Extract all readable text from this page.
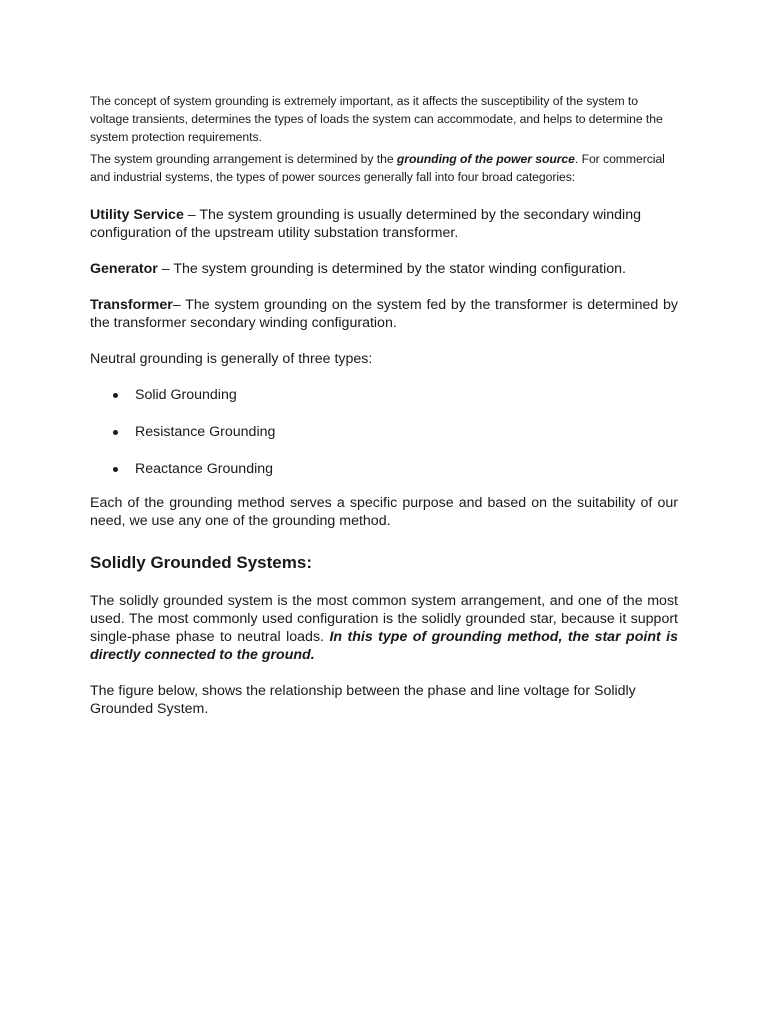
The concept of system grounding is extremely important, as it affects the susceptibility of the system to voltage transients, determines the types of loads the system can accommodate, and helps to determine the system protection requirements.

The system grounding arrangement is determined by the grounding of the power source. For commercial and industrial systems, the types of power sources generally fall into four broad categories:

Utility Service – The system grounding is usually determined by the secondary winding configuration of the upstream utility substation transformer.

Generator – The system grounding is determined by the stator winding configuration.

Transformer– The system grounding on the system fed by the transformer is determined by the transformer secondary winding configuration.

Neutral grounding is generally of three types:

Solid Grounding
Resistance Grounding
Reactance Grounding

Each of the grounding method serves a specific purpose and based on the suitability of our need, we use any one of the grounding method.

Solidly Grounded Systems:

The solidly grounded system is the most common system arrangement, and one of the most used. The most commonly used configuration is the solidly grounded star, because it support single-phase phase to neutral loads. In this type of grounding method, the star point is directly connected to the ground.

The figure below, shows the relationship between the phase and line voltage for Solidly Grounded System.
